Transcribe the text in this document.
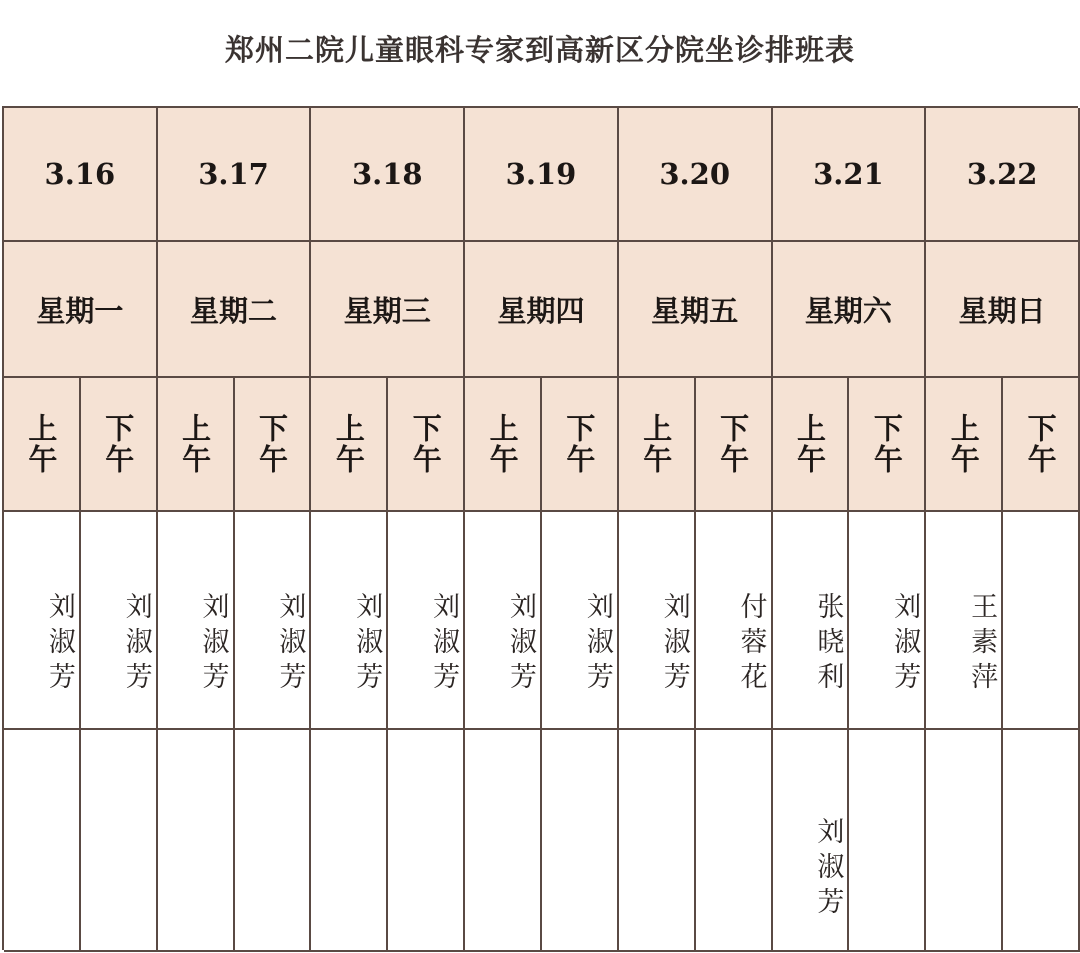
郑州二院儿童眼科专家到高新区分院坐诊排班表
3.16
星期一
上午 下午
刘淑芳 刘淑芳
3.17
星期二
上午 下午
刘淑芳 刘淑芳
3.18
星期三
上午 下午
刘淑芳 刘淑芳
3.19
星期四
上午 下午
刘淑芳 刘淑芳
3.20
星期五
上午 下午
刘淑芳 付蓉花
3.21
星期六
上午 下午
张晓利 刘淑芳
刘淑芳
3.22
星期日
上午 下午
王素萍
